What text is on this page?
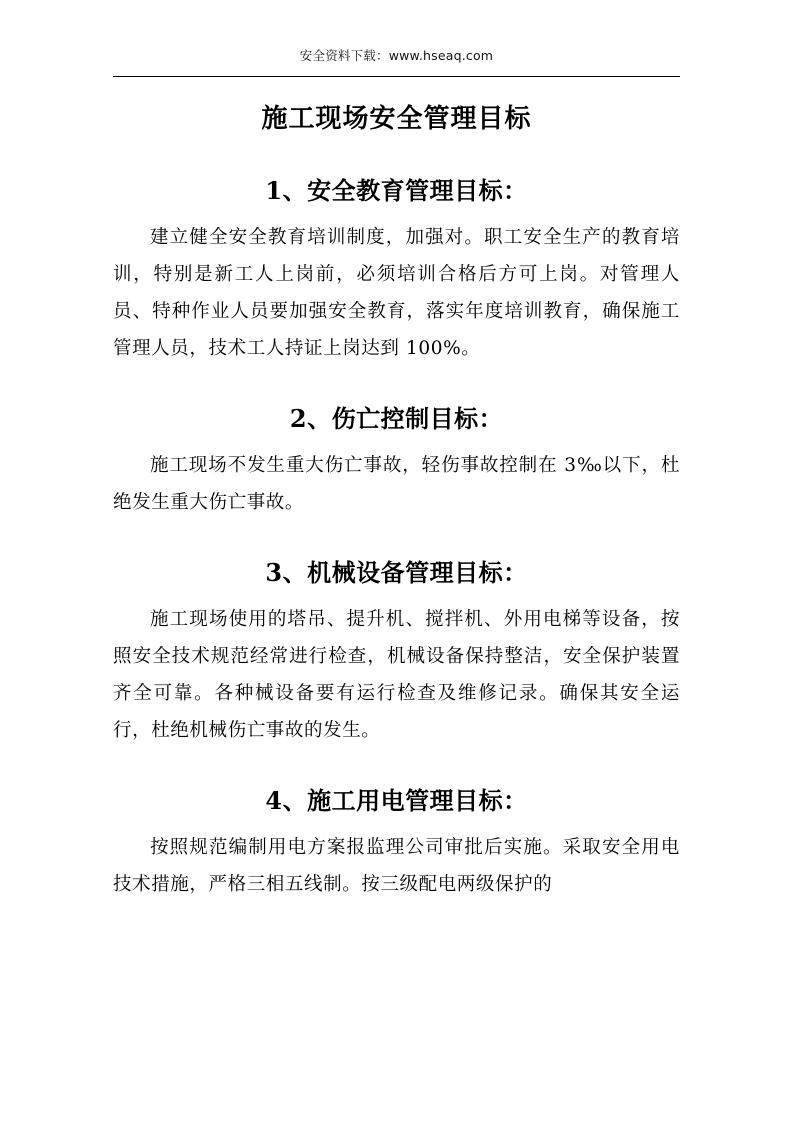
安全资料下载：www.hseaq.com
施工现场安全管理目标
1、安全教育管理目标：

建立健全安全教育培训制度，加强对。职工安全生产的教育培训，特别是新工人上岗前，必须培训合格后方可上岗。对管理人员、特种作业人员要加强安全教育，落实年度培训教育，确保施工管理人员，技术工人持证上岗达到 100%。

2、伤亡控制目标：

施工现场不发生重大伤亡事故，轻伤事故控制在 3‰以下，杜绝发生重大伤亡事故。

3、机械设备管理目标：

施工现场使用的塔吊、提升机、搅拌机、外用电梯等设备，按照安全技术规范经常进行检查，机械设备保持整洁，安全保护装置齐全可靠。各种械设备要有运行检查及维修记录。确保其安全运行，杜绝机械伤亡事故的发生。

4、施工用电管理目标：

按照规范编制用电方案报监理公司审批后实施。采取安全用电技术措施，严格三相五线制。按三级配电两级保护的
